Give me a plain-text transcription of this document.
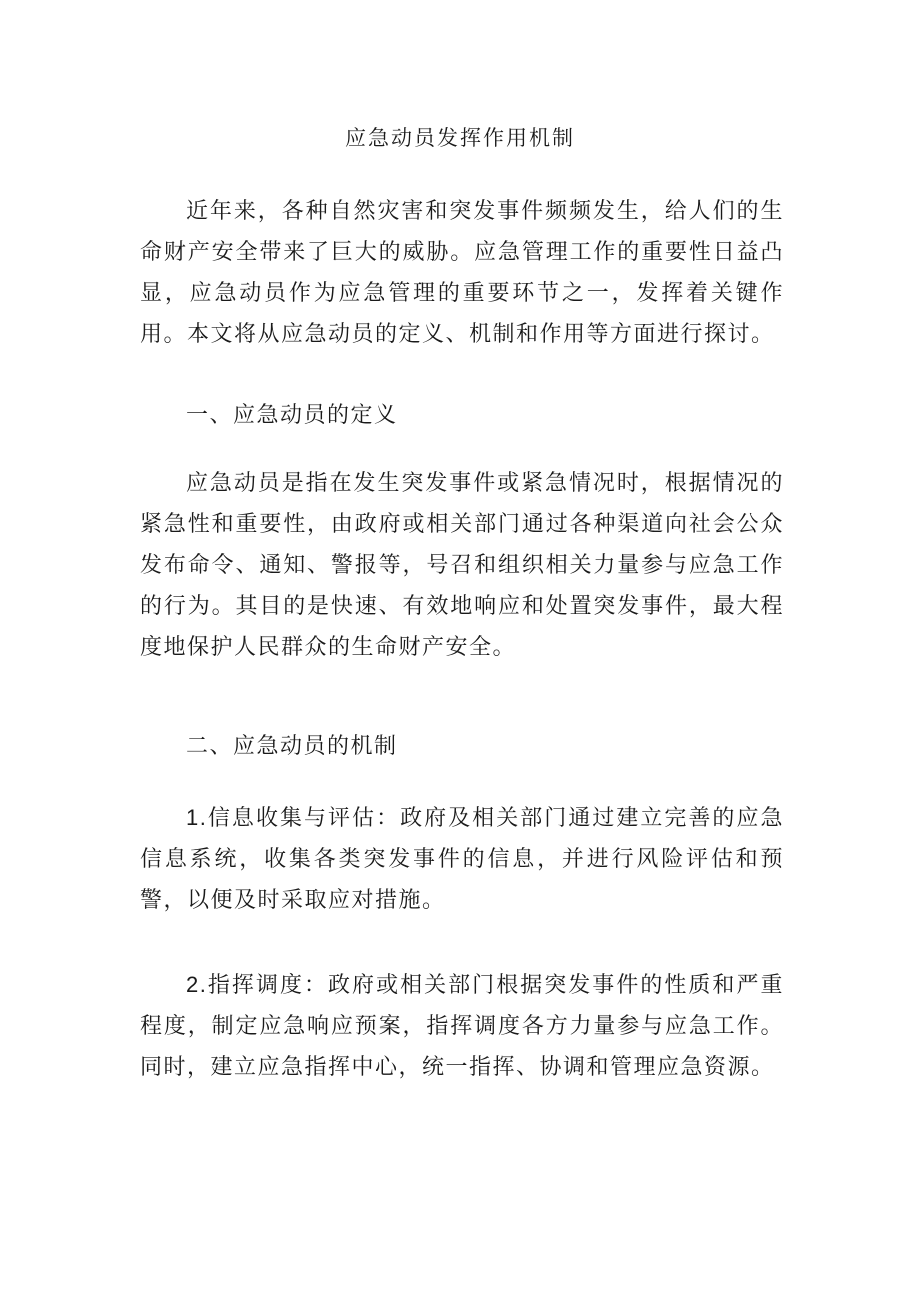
应急动员发挥作用机制

近年来，各种自然灾害和突发事件频频发生，给人们的生命财产安全带来了巨大的威胁。应急管理工作的重要性日益凸显，应急动员作为应急管理的重要环节之一，发挥着关键作用。本文将从应急动员的定义、机制和作用等方面进行探讨。

一、应急动员的定义

应急动员是指在发生突发事件或紧急情况时，根据情况的紧急性和重要性，由政府或相关部门通过各种渠道向社会公众发布命令、通知、警报等，号召和组织相关力量参与应急工作的行为。其目的是快速、有效地响应和处置突发事件，最大程度地保护人民群众的生命财产安全。

二、应急动员的机制

1.信息收集与评估：政府及相关部门通过建立完善的应急信息系统，收集各类突发事件的信息，并进行风险评估和预警，以便及时采取应对措施。

2.指挥调度：政府或相关部门根据突发事件的性质和严重程度，制定应急响应预案，指挥调度各方力量参与应急工作。同时，建立应急指挥中心，统一指挥、协调和管理应急资源。
